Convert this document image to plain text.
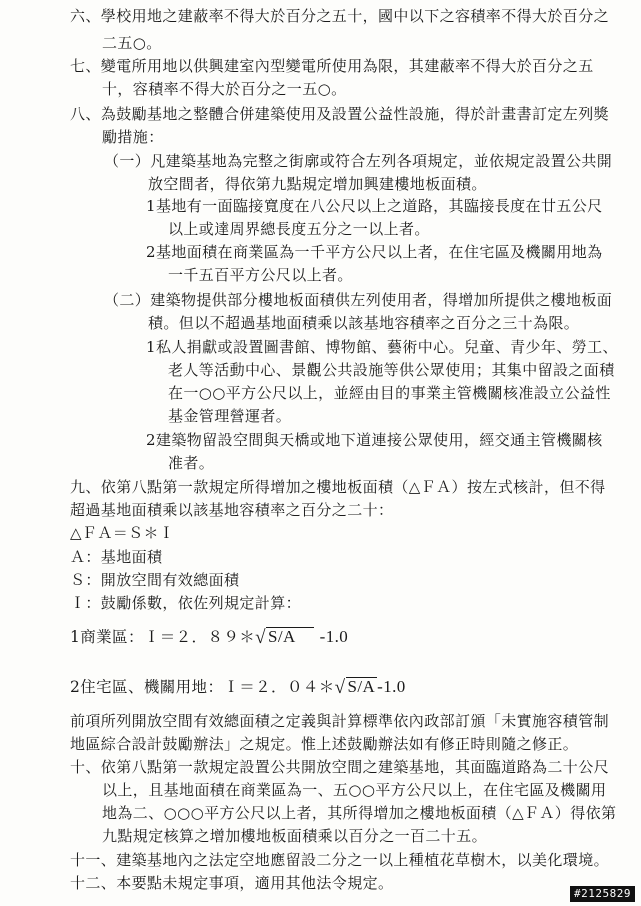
六、學校用地之建蔽率不得大於百分之五十，國中以下之容積率不得大於百分之
二五○。
七、變電所用地以供興建室內型變電所使用為限，其建蔽率不得大於百分之五
十，容積率不得大於百分之一五○。
八、為鼓勵基地之整體合併建築使用及設置公益性設施，得於計畫書訂定左列獎
勵措施：
（一）凡建築基地為完整之街廓或符合左列各項規定，並依規定設置公共開
放空間者，得依第九點規定增加興建樓地板面積。
1基地有一面臨接寬度在八公尺以上之道路，其臨接長度在廿五公尺
以上或達周界總長度五分之一以上者。
2基地面積在商業區為一千平方公尺以上者，在住宅區及機關用地為
一千五百平方公尺以上者。
（二）建築物提供部分樓地板面積供左列使用者，得增加所提供之樓地板面
積。但以不超過基地面積乘以該基地容積率之百分之三十為限。
1私人捐獻或設置圖書館、博物館、藝術中心。兒童、青少年、勞工、
老人等活動中心、景觀公共設施等供公眾使用；其集中留設之面積
在一○○平方公尺以上，並經由目的事業主管機關核准設立公益性
基金管理營運者。
2建築物留設空間與天橋或地下道連接公眾使用，經交通主管機關核
准者。
九、依第八點第一款規定所得增加之樓地板面積（△ＦＡ）按左式核計，但不得
超過基地面積乘以該基地容積率之百分之二十：
△ＦＡ＝Ｓ＊Ｉ
Ａ：基地面積
Ｓ：開放空間有效總面積
Ｉ：鼓勵係數，依佐列規定計算：
1商業區：Ｉ＝２．８９＊√ S/A -1.0
2住宅區、機關用地：Ｉ＝２．０４＊√ S/A -1.0
前項所列開放空間有效總面積之定義與計算標準依內政部訂頒「未實施容積管制
地區綜合設計鼓勵辦法」之規定。惟上述鼓勵辦法如有修正時則隨之修正。
十、依第八點第一款規定設置公共開放空間之建築基地，其面臨道路為二十公尺
以上，且基地面積在商業區為一、五○○平方公尺以上，在住宅區及機關用
地為二、○○○平方公尺以上者，其所得增加之樓地板面積（△ＦＡ）得依第
九點規定核算之增加樓地板面積乘以百分之一百二十五。
十一、建築基地內之法定空地應留設二分之一以上種植花草樹木，以美化環境。
十二、本要點未規定事項，適用其他法令規定。
#2125829
